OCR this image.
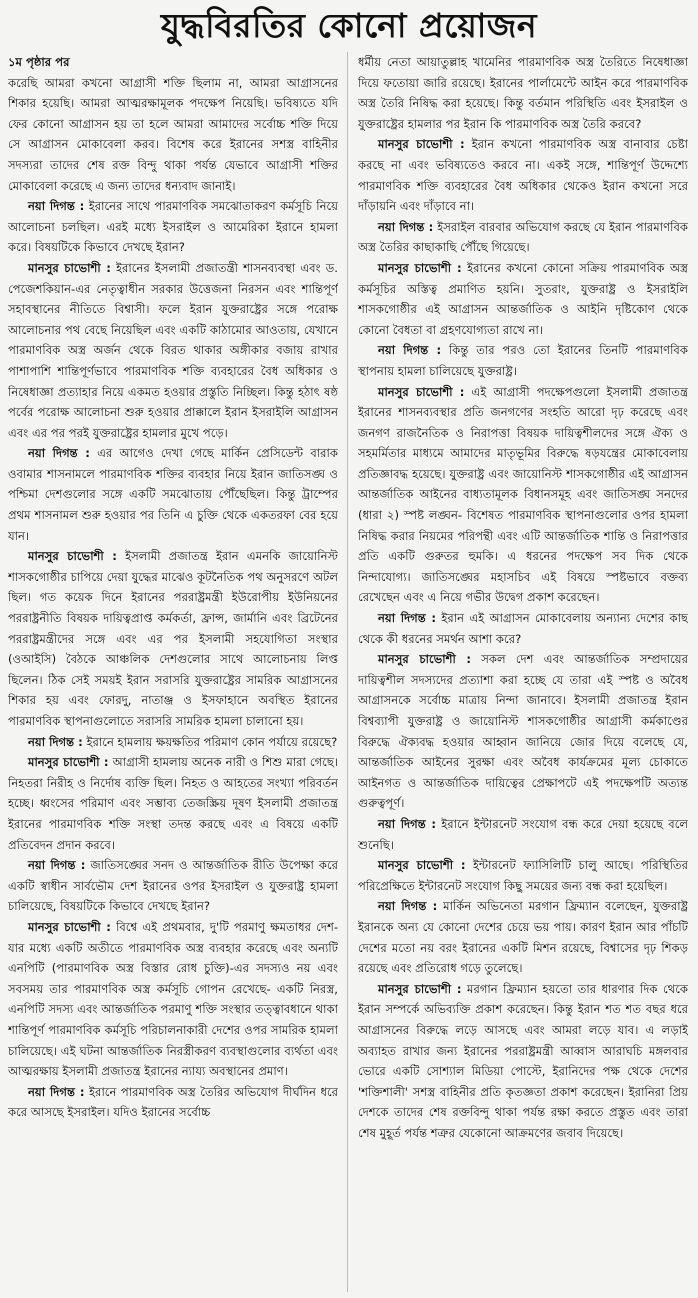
যুদ্ধবিরতির কোনো প্রয়োজন

১ম পৃষ্ঠার পর

করেছি আমরা কখনো আগ্রাসী শক্তি ছিলাম না, আমরা আগ্রাসনের শিকার হয়েছি। আমরা আত্মরক্ষামূলক পদক্ষেপ নিয়েছি। ভবিষ্যতে যদি ফের কোনো আগ্রাসন হয় তা হলে আমরা আমাদের সর্বোচ্চ শক্তি দিয়ে সে আগ্রাসন মোকাবেলা করব। বিশেষ করে ইরানের সশস্ত্র বাহিনীর সদস্যরা তাদের শেষ রক্ত বিন্দু থাকা পর্যন্ত যেভাবে আগ্রাসী শক্তির মোকাবেলা করেছে এ জন্য তাদের ধন্যবাদ জানাই।

নয়া দিগন্ত : ইরানের সাথে পারমাণবিক সমঝোতাকরণ কর্মসূচি নিয়ে আলোচনা চলছিল। এরই মধ্যে ইসরাইল ও আমেরিকা ইরানে হামলা করে। বিষয়টিকে কিভাবে দেখছে ইরান?

মানসুর চাভোশী : ইরানের ইসলামী প্রজাতন্ত্রী শাসনব্যবস্থা এবং ড. পেজেশকিয়ান-এর নেতৃত্বাধীন সরকার উত্তেজনা নিরসন এবং শান্তিপূর্ণ সহাবস্থানের নীতিতে বিশ্বাসী। ফলে ইরান যুক্তরাষ্ট্রের সঙ্গে পরোক্ষ আলোচনার পথ বেছে নিয়েছিল এবং একটি কাঠামোর আওতায়, যেখানে পারমাণবিক অস্ত্র অর্জন থেকে বিরত থাকার অঙ্গীকার বজায় রাখার পাশাপাশি শান্তিপূর্ণভাবে পারমাণবিক শক্তি ব্যবহারের বৈধ অধিকার ও নিষেধাজ্ঞা প্রত্যাহার নিয়ে একমত হওয়ার প্রস্তুতি নিচ্ছিল। কিন্তু হঠাৎ ষষ্ঠ পর্বের পরোক্ষ আলোচনা শুরু হওয়ার প্রাক্কালে ইরান ইসরাইলি আগ্রাসন এবং এর পর পরই যুক্তরাষ্ট্রের হামলার মুখে পড়ে।

নয়া দিগন্ত : এর আগেও দেখা গেছে মার্কিন প্রেসিডেন্ট বারাক ওবামার শাসনামলে পারমাণবিক শক্তির ব্যবহার নিয়ে ইরান জাতিসঙ্ঘ ও পশ্চিমা দেশগুলোর সঙ্গে একটি সমঝোতায় পৌঁছেছিল। কিন্তু ট্রাম্পের প্রথম শাসনামল শুরু হওয়ার পর তিনি এ চুক্তি থেকে একতরফা বের হয়ে যান।

মানসুর চাভোশী : ইসলামী প্রজাতন্ত্র ইরান এমনকি জায়োনিস্ট শাসকগোষ্ঠীর চাপিয়ে দেয়া যুদ্ধের মাঝেও কূটনৈতিক পথ অনুসরণে অটল ছিল। গত কয়েক দিনে ইরানের পররাষ্ট্রমন্ত্রী ইউরোপীয় ইউনিয়নের পররাষ্ট্রনীতি বিষয়ক দায়িত্বপ্রাপ্ত কর্মকর্তা, ফ্রান্স, জার্মানি এবং ব্রিটেনের পররাষ্ট্রমন্ত্রীদের সঙ্গে এবং এর পর ইসলামী সহযোগিতা সংস্থার (ওআইসি) বৈঠকে আঞ্চলিক দেশগুলোর সাথে আলোচনায় লিপ্ত ছিলেন। ঠিক সেই সময়ই ইরান সরাসরি যুক্তরাষ্ট্রের সামরিক আগ্রাসনের শিকার হয় এবং ফোরদু, নাতাঞ্জ ও ইসফাহানে অবস্থিত ইরানের পারমাণবিক স্থাপনাগুলোতে সরাসরি সামরিক হামলা চালানো হয়।

নয়া দিগন্ত : ইরানে হামলায় ক্ষয়ক্ষতির পরিমাণ কোন পর্যায়ে রয়েছে?

মানসুর চাভোশী : আগ্রাসী হামলায় অনেক নারী ও শিশু মারা গেছে। নিহতরা নিরীহ ও নির্দোষ ব্যক্তি ছিল। নিহত ও আহতের সংখ্যা পরিবর্তন হচ্ছে। ধ্বংসের পরিমাণ এবং সম্ভাব্য তেজস্ক্রিয় দূষণ ইসলামী প্রজাতন্ত্র ইরানের পারমাণবিক শক্তি সংস্থা তদন্ত করছে এবং এ বিষয়ে একটি প্রতিবেদন প্রদান করবে।

নয়া দিগন্ত : জাতিসঙ্ঘের সনদ ও আন্তর্জাতিক রীতি উপেক্ষা করে একটি স্বাধীন সার্বভৌম দেশ ইরানের ওপর ইসরাইল ও যুক্তরাষ্ট্র হামলা চালিয়েছে, বিষয়টিকে কিভাবে দেখছে ইরান?

মানসুর চাভোশী : বিশ্বে এই প্রথমবার, দু'টি পরমাণু ক্ষমতাধর দেশ-যার মধ্যে একটি অতীতে পারমাণবিক অস্ত্র ব্যবহার করেছে এবং অন্যটি এনপিটি (পারমাণবিক অস্ত্র বিস্তার রোধ চুক্তি)-এর সদস্যও নয় এবং সবসময় তার পারমাণবিক অস্ত্র কর্মসূচি গোপন রেখেছে- একটি নিরস্ত্র, এনপিটি সদস্য এবং আন্তর্জাতিক পরমাণু শক্তি সংস্থার তত্ত্বাবধানে থাকা শান্তিপূর্ণ পারমাণবিক কর্মসূচি পরিচালনাকারী দেশের ওপর সামরিক হামলা চালিয়েছে। এই ঘটনা আন্তর্জাতিক নিরস্ত্রীকরণ ব্যবস্থাগুলোর ব্যর্থতা এবং আত্মরক্ষায় ইসলামী প্রজাতন্ত্র ইরানের ন্যায্য অবস্থানের প্রমাণ।

নয়া দিগন্ত : ইরানে পারমাণবিক অস্ত্র তৈরির অভিযোগ দীর্ঘদিন ধরে করে আসছে ইসরাইল। যদিও ইরানের সর্বোচ্চ

ধর্মীয় নেতা আয়াতুল্লাহ খামেনির পারমাণবিক অস্ত্র তৈরিতে নিষেধাজ্ঞা দিয়ে ফতোয়া জারি রয়েছে। ইরানের পার্লামেন্টে আইন করে পারমাণবিক অস্ত্র তৈরি নিষিদ্ধ করা হয়েছে। কিন্তু বর্তমান পরিস্থিতি এবং ইসরাইল ও যুক্তরাষ্ট্রের হামলার পর ইরান কি পারমাণবিক অস্ত্র তৈরি করবে?

মানসুর চাভোশী : ইরান কখনো পারমাণবিক অস্ত্র বানাবার চেষ্টা করছে না এবং ভবিষ্যতেও করবে না। একই সঙ্গে, শান্তিপূর্ণ উদ্দেশ্যে পারমাণবিক শক্তি ব্যবহারের বৈধ অধিকার থেকেও ইরান কখনো সরে দাঁড়ায়নি এবং দাঁড়াবে না।

নয়া দিগন্ত : ইসরাইল বারবার অভিযোগ করছে যে ইরান পারমাণবিক অস্ত্র তৈরির কাছাকাছি পৌঁছে গিয়েছে।

মানসুর চাভোশী : ইরানের কখনো কোনো সক্রিয় পারমাণবিক অস্ত্র কর্মসূচির অস্তিত্ব প্রমাণিত হয়নি। সুতরাং, যুক্তরাষ্ট্র ও ইসরাইলি শাসকগোষ্ঠীর এই আগ্রাসন আন্তর্জাতিক ও আইনি দৃষ্টিকোণ থেকে কোনো বৈধতা বা গ্রহণযোগ্যতা রাখে না।

নয়া দিগন্ত : কিন্তু তার পরও তো ইরানের তিনটি পারমাণবিক স্থাপনায় হামলা চালিয়েছে যুক্তরাষ্ট্র।

মানসুর চাভোশী : এই আগ্রাসী পদক্ষেপগুলো ইসলামী প্রজাতন্ত্র ইরানের শাসনব্যবস্থার প্রতি জনগণের সংহতি আরো দৃঢ় করেছে এবং জনগণ রাজনৈতিক ও নিরাপত্তা বিষয়ক দায়িত্বশীলদের সঙ্গে ঐক্য ও সহমর্মিতার মাধ্যমে আমাদের মাতৃভূমির বিরুদ্ধে ষড়যন্ত্রের মোকাবেলায় প্রতিজ্ঞাবদ্ধ হয়েছে। যুক্তরাষ্ট্র এবং জায়োনিস্ট শাসকগোষ্ঠীর এই আগ্রাসন আন্তর্জাতিক আইনের বাধ্যতামূলক বিধানসমূহ এবং জাতিসঙ্ঘ সনদের (ধারা ২) স্পষ্ট লঙ্ঘন- বিশেষত পারমাণবিক স্থাপনাগুলোর ওপর হামলা নিষিদ্ধ করার নিয়মের পরিপন্থী এবং এটি আন্তর্জাতিক শান্তি ও নিরাপত্তার প্রতি একটি গুরুতর হুমকি। এ ধরনের পদক্ষেপ সব দিক থেকে নিন্দাযোগ্য। জাতিসঙ্ঘের মহাসচিব এই বিষয়ে স্পষ্টভাবে বক্তব্য রেখেছেন এবং এ নিয়ে গভীর উদ্বেগ প্রকাশ করেছেন।

নয়া দিগন্ত : ইরান এই আগ্রাসন মোকাবেলায় অন্যান্য দেশের কাছ থেকে কী ধরনের সমর্থন আশা করে?

মানসুর চাভোশী : সকল দেশ এবং আন্তর্জাতিক সম্প্রদায়ের দায়িত্বশীল সদস্যদের প্রত্যাশা করা হচ্ছে যে তারা এই স্পষ্ট ও অবৈধ আগ্রাসনকে সর্বোচ্চ মাত্রায় নিন্দা জানাবে। ইসলামী প্রজাতন্ত্র ইরান বিশ্বব্যাপী যুক্তরাষ্ট্র ও জায়োনিস্ট শাসকগোষ্ঠীর আগ্রাসী কর্মকাণ্ডের বিরুদ্ধে ঐক্যবদ্ধ হওয়ার আহ্বান জানিয়ে জোর দিয়ে বলেছে যে, আন্তর্জাতিক আইনের সুরক্ষা এবং অবৈধ কার্যক্রমের মূল্য চোকাতে আইনগত ও আন্তর্জাতিক দায়িত্বের প্রেক্ষাপটে এই পদক্ষেপটি অত্যন্ত গুরুত্বপূর্ণ।

নয়া দিগন্ত : ইরানে ইন্টারনেট সংযোগ বন্ধ করে দেয়া হয়েছে বলে শুনেছি।

মানসুর চাভোশী : ইন্টারনেট ফ্যাসিলিটি চালু আছে। পরিস্থিতির পরিপ্রেক্ষিতে ইন্টারনেট সংযোগ কিছু সময়ের জন্য বন্ধ করা হয়েছিল।

নয়া দিগন্ত : মার্কিন অভিনেতা মরগান ফ্রিম্যান বলেছেন, যুক্তরাষ্ট্র ইরানকে অন্য যে কোনো দেশের চেয়ে ভয় পায়। কারণ ইরান আর পাঁচটি দেশের মতো নয় বরং ইরানের একটি মিশন রয়েছে, বিশ্বাসের দৃঢ় শিকড় রয়েছে এবং প্রতিরোধ গড়ে তুলেছে।

মানসুর চাভোশী : মরগান ফ্রিম্যান হয়তো তার ধারণার দিক থেকে ইরান সম্পর্কে অভিব্যক্তি প্রকাশ করেছেন। কিন্তু ইরান শত শত বছর ধরে আগ্রাসনের বিরুদ্ধে লড়ে আসছে এবং আমরা লড়ে যাব। এ লড়াই অব্যাহত রাখার জন্য ইরানের পররাষ্ট্রমন্ত্রী আব্বাস আরাঘচি মঙ্গলবার ভোরে একটি সোশ্যাল মিডিয়া পোস্টে, ইরানিদের পক্ষ থেকে দেশের 'শক্তিশালী' সশস্ত্র বাহিনীর প্রতি কৃতজ্ঞতা প্রকাশ করেছেন। ইরানিরা প্রিয় দেশকে তাদের শেষ রক্তবিন্দু থাকা পর্যন্ত রক্ষা করতে প্রস্তুত এবং তারা শেষ মুহূর্ত পর্যন্ত শত্রুর যেকোনো আক্রমণের জবাব দিয়েছে।
